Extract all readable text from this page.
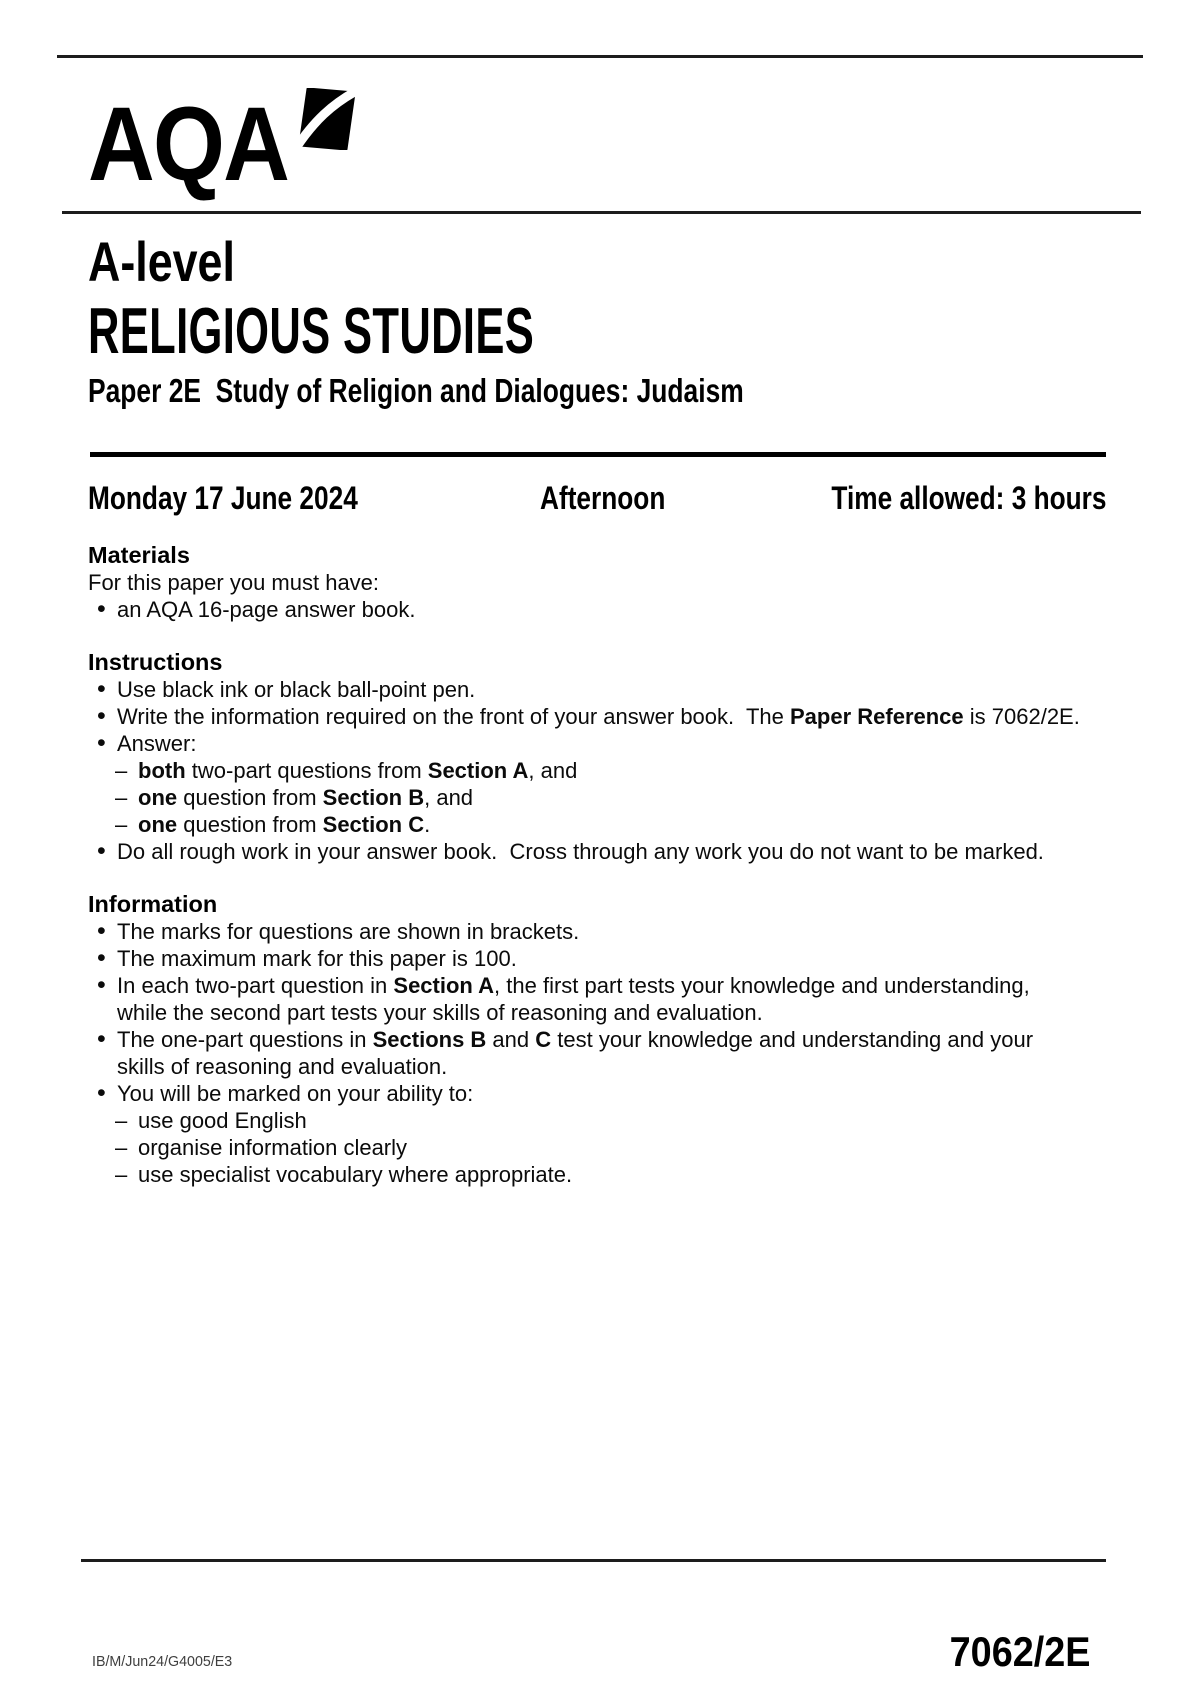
AQA
A-level
RELIGIOUS STUDIES
Paper 2E  Study of Religion and Dialogues: Judaism
Monday 17 June 2024	Afternoon	Time allowed: 3 hours
Materials
For this paper you must have:
• an AQA 16-page answer book.
Instructions
• Use black ink or black ball-point pen.
• Write the information required on the front of your answer book.  The Paper Reference is 7062/2E.
• Answer:
– both two-part questions from Section A, and
– one question from Section B, and
– one question from Section C.
• Do all rough work in your answer book.  Cross through any work you do not want to be marked.
Information
• The marks for questions are shown in brackets.
• The maximum mark for this paper is 100.
• In each two-part question in Section A, the first part tests your knowledge and understanding,
while the second part tests your skills of reasoning and evaluation.
• The one-part questions in Sections B and C test your knowledge and understanding and your
skills of reasoning and evaluation.
• You will be marked on your ability to:
– use good English
– organise information clearly
– use specialist vocabulary where appropriate.
IB/M/Jun24/G4005/E3	7062/2E
